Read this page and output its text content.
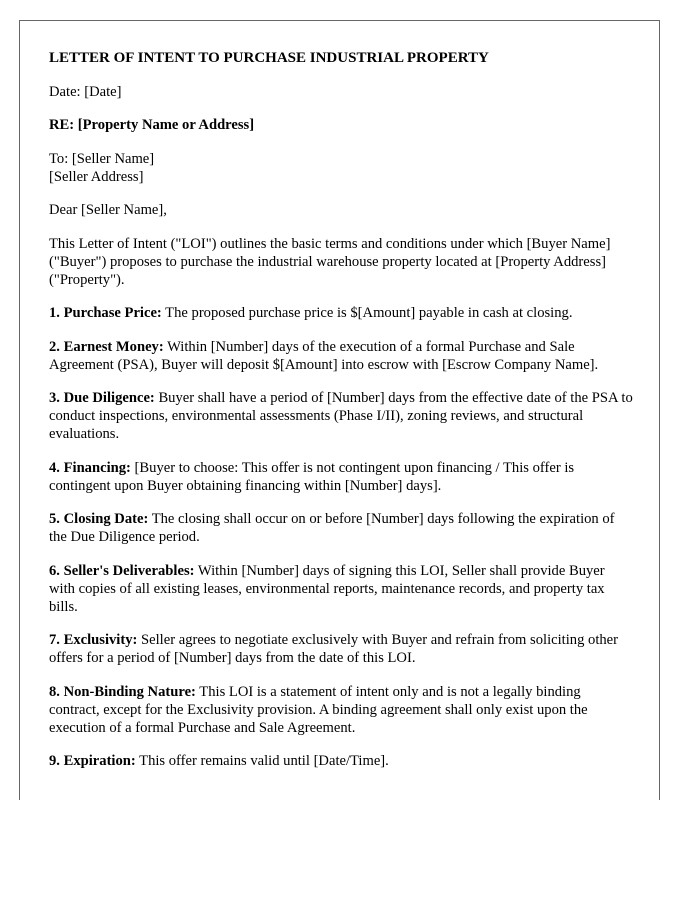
LETTER OF INTENT TO PURCHASE INDUSTRIAL PROPERTY

Date: [Date]

RE: [Property Name or Address]

To: [Seller Name]
[Seller Address]

Dear [Seller Name],

This Letter of Intent ("LOI") outlines the basic terms and conditions under which [Buyer Name] ("Buyer") proposes to purchase the industrial warehouse property located at [Property Address] ("Property").

1. Purchase Price: The proposed purchase price is $[Amount] payable in cash at closing.

2. Earnest Money: Within [Number] days of the execution of a formal Purchase and Sale Agreement (PSA), Buyer will deposit $[Amount] into escrow with [Escrow Company Name].

3. Due Diligence: Buyer shall have a period of [Number] days from the effective date of the PSA to conduct inspections, environmental assessments (Phase I/II), zoning reviews, and structural evaluations.

4. Financing: [Buyer to choose: This offer is not contingent upon financing / This offer is contingent upon Buyer obtaining financing within [Number] days].

5. Closing Date: The closing shall occur on or before [Number] days following the expiration of the Due Diligence period.

6. Seller's Deliverables: Within [Number] days of signing this LOI, Seller shall provide Buyer with copies of all existing leases, environmental reports, maintenance records, and property tax bills.

7. Exclusivity: Seller agrees to negotiate exclusively with Buyer and refrain from soliciting other offers for a period of [Number] days from the date of this LOI.

8. Non-Binding Nature: This LOI is a statement of intent only and is not a legally binding contract, except for the Exclusivity provision. A binding agreement shall only exist upon the execution of a formal Purchase and Sale Agreement.

9. Expiration: This offer remains valid until [Date/Time].
